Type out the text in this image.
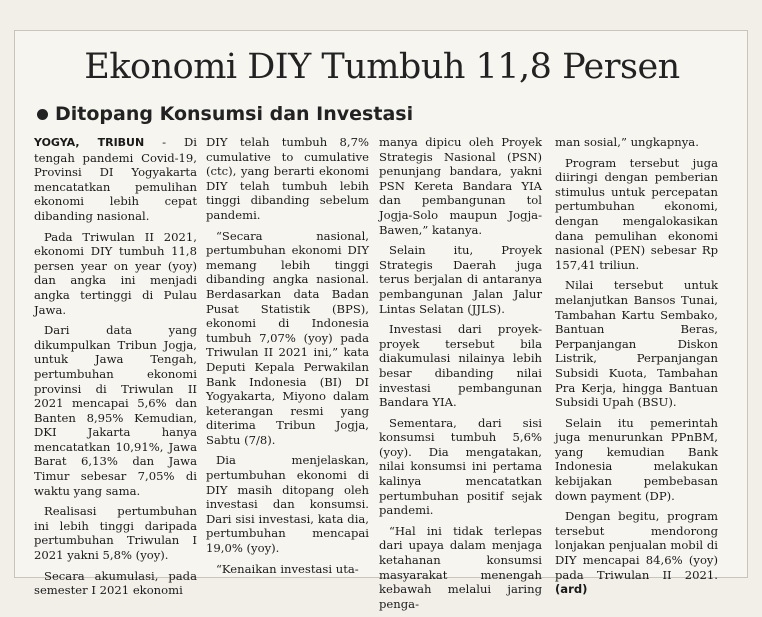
Ekonomi DIY Tumbuh 11,8 Persen
Ditopang Konsumsi dan Investasi

YOGYA, TRIBUN - Di tengah pandemi Covid-19, Provinsi DI Yogyakarta mencatatkan pemulihan ekonomi lebih cepat dibanding nasional.

Pada Triwulan II 2021, ekonomi DIY tumbuh 11,8 persen year on year (yoy) dan angka ini menjadi angka tertinggi di Pulau Jawa.

Dari data yang dikumpulkan Tribun Jogja, untuk Jawa Tengah, pertumbuhan ekonomi provinsi di Triwulan II 2021 mencapai 5,6% dan Banten 8,95% Kemudian, DKI Jakarta hanya mencatatkan 10,91%, Jawa Barat 6,13% dan Jawa Timur sebesar 7,05% di waktu yang sama.

Realisasi pertumbuhan ini lebih tinggi daripada pertumbuhan Triwulan I 2021 yakni 5,8% (yoy).

Secara akumulasi, pada semester I 2021 ekonomi

DIY telah tumbuh 8,7% cumulative to cumulative (ctc), yang berarti ekonomi DIY telah tumbuh lebih tinggi dibanding sebelum pandemi.

“Secara nasional, pertumbuhan ekonomi DIY memang lebih tinggi dibanding angka nasional. Berdasarkan data Badan Pusat Statistik (BPS), ekonomi di Indonesia tumbuh 7,07% (yoy) pada Triwulan II 2021 ini,” kata Deputi Kepala Perwakilan Bank Indonesia (BI) DI Yogyakarta, Miyono dalam keterangan resmi yang diterima Tribun Jogja, Sabtu (7/8).

Dia menjelaskan, pertumbuhan ekonomi di DIY masih ditopang oleh investasi dan konsumsi. Dari sisi investasi, kata dia, pertumbuhan mencapai 19,0% (yoy).

“Kenaikan investasi uta-

manya dipicu oleh Proyek Strategis Nasional (PSN) penunjang bandara, yakni PSN Kereta Bandara YIA dan pembangunan tol Jogja-Solo maupun Jogja-Bawen,” katanya.

Selain itu, Proyek Strategis Daerah juga terus berjalan di antaranya pembangunan Jalan Jalur Lintas Selatan (JJLS).

Investasi dari proyek-proyek tersebut bila diakumulasi nilainya lebih besar dibanding nilai investasi pembangunan Bandara YIA.

Sementara, dari sisi konsumsi tumbuh 5,6% (yoy). Dia mengatakan, nilai konsumsi ini pertama kalinya mencatatkan pertumbuhan positif sejak pandemi.

“Hal ini tidak terlepas dari upaya dalam menjaga ketahanan konsumsi masyarakat menengah kebawah melalui jaring penga-

man sosial,” ungkapnya.

Program tersebut juga diiringi dengan pemberian stimulus untuk percepatan pertumbuhan ekonomi, dengan mengalokasikan dana pemulihan ekonomi nasional (PEN) sebesar Rp 157,41 triliun.

Nilai tersebut untuk melanjutkan Bansos Tunai, Tambahan Kartu Sembako, Bantuan Beras, Perpanjangan Diskon Listrik, Perpanjangan Subsidi Kuota, Tambahan Pra Kerja, hingga Bantuan Subsidi Upah (BSU).

Selain itu pemerintah juga menurunkan PPnBM, yang kemudian Bank Indonesia melakukan kebijakan pembebasan down payment (DP).

Dengan begitu, program tersebut mendorong lonjakan penjualan mobil di DIY mencapai 84,6% (yoy) pada Triwulan II 2021. (ard)
